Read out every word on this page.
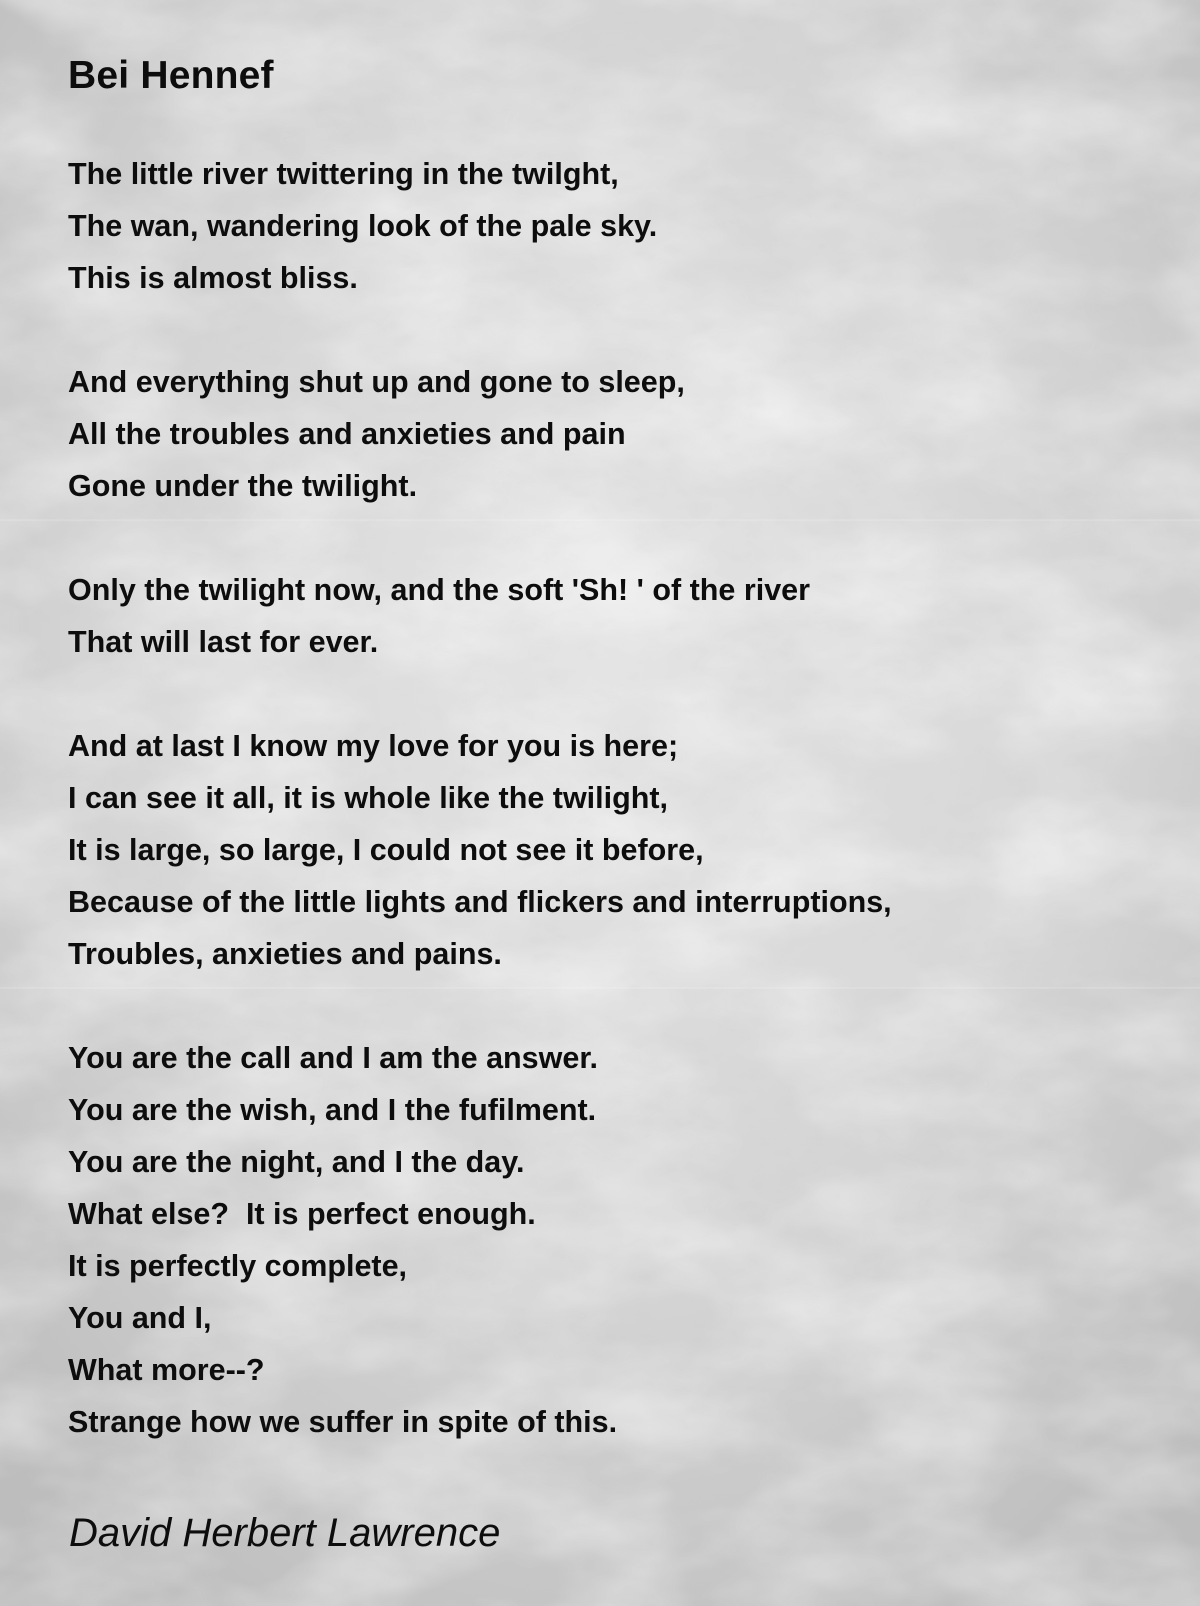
Bei Hennef

The little river twittering in the twilght,

The wan, wandering look of the pale sky.

This is almost bliss.

And everything shut up and gone to sleep,

All the troubles and anxieties and pain

Gone under the twilight.

Only the twilight now, and the soft 'Sh! ' of the river

That will last for ever.

And at last I know my love for you is here;

I can see it all, it is whole like the twilight,

It is large, so large, I could not see it before,

Because of the little lights and flickers and interruptions,

Troubles, anxieties and pains.

You are the call and I am the answer.

You are the wish, and I the fufilment.

You are the night, and I the day.

What else?  It is perfect enough.

It is perfectly complete,

You and I,

What more--?

Strange how we suffer in spite of this.

David Herbert Lawrence
